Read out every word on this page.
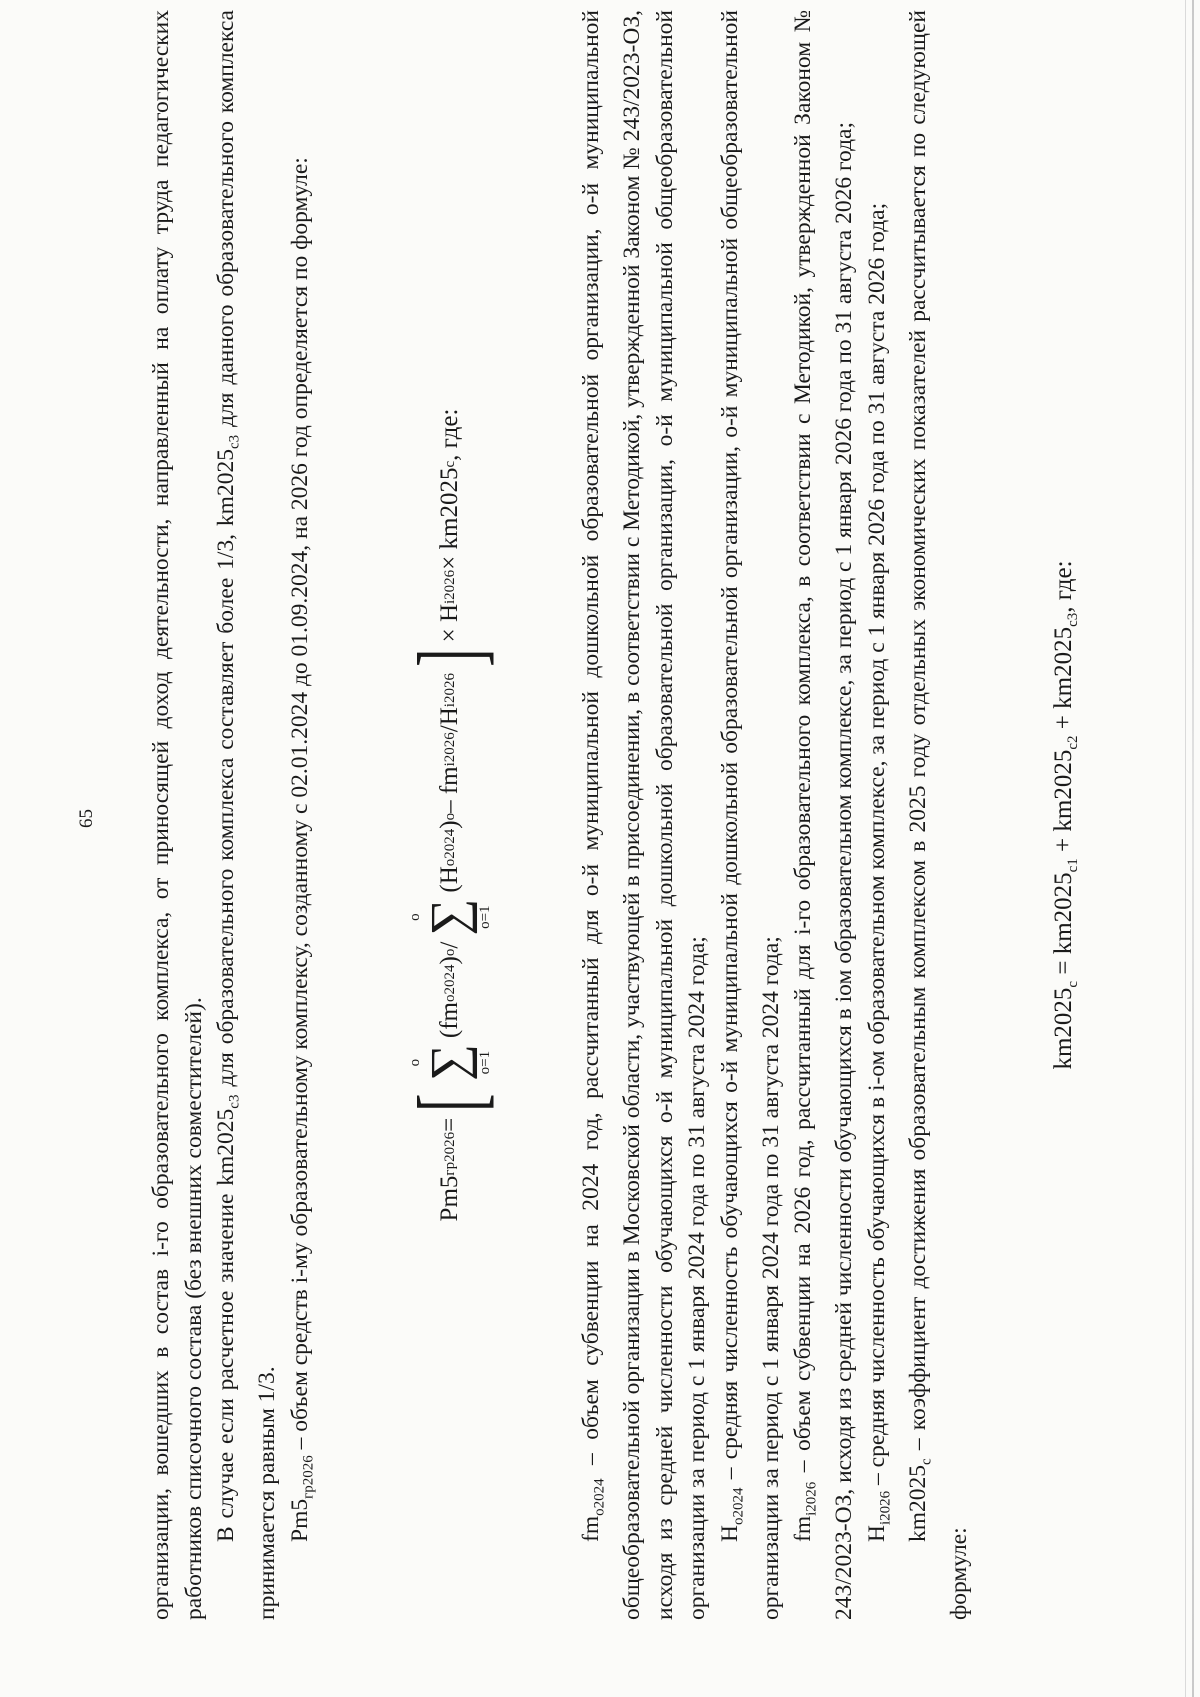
65 организации, вошедших в состав i-го образовательного комплекса, от приносящей доход деятельности, направленный на оплату труда педагогических работников списочного состава (без внешних совместителей). В случае если расчетное значение $km2025_{c3}$ для образовательного комплекса составляет более 1/3, $km2025_{c3}$ для данного образовательного комплекса принимается равным 1/3.

$Pm5_{гр2026}$ – объем средств i-му образовательному комплексу, созданному с 02.01.2024 до 01.09.2024, на 2026 год определяется по формуле:	Pm5
гр2026
=
[
o
∑ o=1
(fm
o2024
)
o
/
o
∑ o=1
(H
o2024
)
o
– fm
i2026
/H
i2026
]
× H
i2026
× km2025
c
, где:

$fm_{o2024}$ – объем субвенции на 2024 год, рассчитанный для o-й муниципальной дошкольной образовательной организации, o-й муниципальной общеобразовательной организации в Московской области, участвующей в присоединении, в соответствии с Методикой, утвержденной Законом № 243/2023-ОЗ, исходя из средней численности обучающихся o-й муниципальной дошкольной образовательной организации, o-й муниципальной общеобразовательной организации за период с 1 января 2024 года по 31 августа 2024 года; $H_{o2024}$ – средняя численность обучающихся o-й муниципальной дошкольной образовательной организации, o-й муниципальной общеобразовательной организации за период с 1 января 2024 года по 31 августа 2024 года; $fm_{i2026}$ – объем субвенции на 2026 год, рассчитанный для i-го образовательного комплекса, в соответствии с Методикой, утвержденной Законом № 243/2023-ОЗ, исходя из средней численности обучающихся в iом образовательном комплексе, за период с 1 января 2026 года по 31 августа 2026 года; $H_{i2026}$ – средняя численность обучающихся в i-ом образовательном комплексе, за период с 1 января 2026 года по 31 августа 2026 года;

$km2025_c$ – коэффициент достижения образовательным комплексом в 2025 году отдельных экономических показателей рассчитывается по следующей формуле:

$km2025_c = km2025_{c1} + km2025_{c2} + km2025_{c3}$, где:
